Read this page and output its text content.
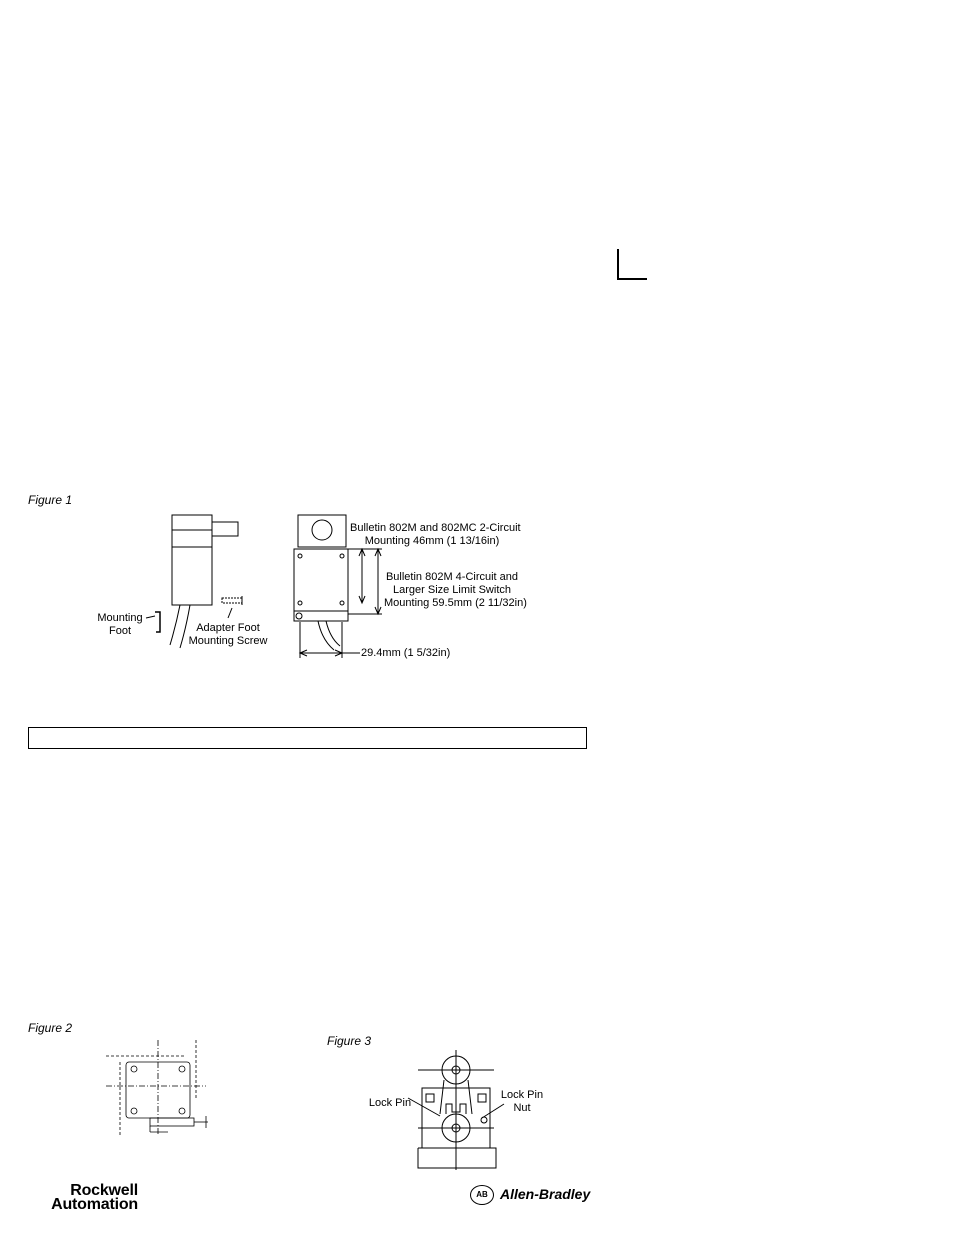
Figure 1
Mounting
Foot	Adapter Foot
Mounting Screw
Bulletin 802M and 802MC 2-Circuit
Mounting 46mm (1 13/16in)
Bulletin 802M 4-Circuit and
Larger Size Limit Switch
Mounting 59.5mm (2 11/32in)
29.4mm (1 5/32in)
Figure 2
Figure 3
Lock Pin
Lock Pin
Nut
Rockwell
Automation
AB Allen-Bradley
